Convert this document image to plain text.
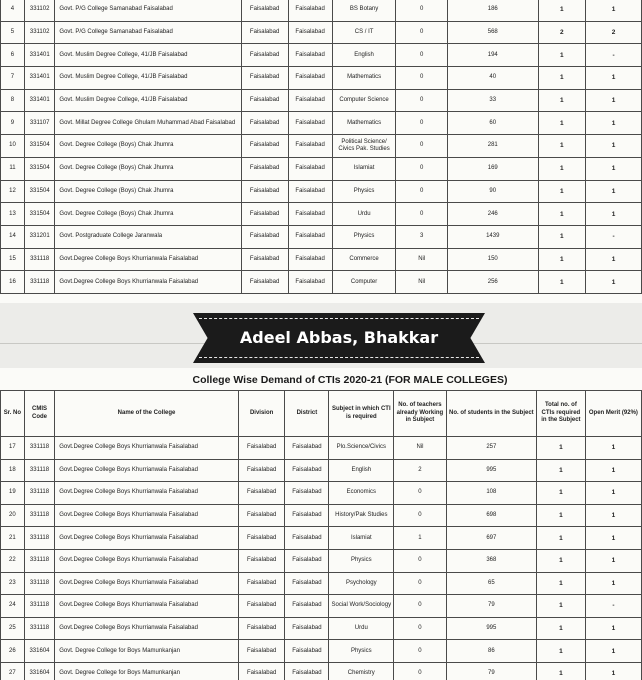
4	331102	Govt. P/G College Samanabad Faisalabad	Faisalabad	Faisalabad	BS Botany	0	186	1	1
5	331102	Govt. P/G College Samanabad Faisalabad	Faisalabad	Faisalabad	CS / IT	0	568	2	2
6	331401	Govt. Muslim Degree College, 41/JB Faisalabad	Faisalabad	Faisalabad	English	0	194	1	-
7	331401	Govt. Muslim Degree College, 41/JB Faisalabad	Faisalabad	Faisalabad	Mathematics	0	40	1	1
8	331401	Govt. Muslim Degree College, 41/JB Faisalabad	Faisalabad	Faisalabad	Computer Science	0	33	1	1
9	331107	Govt. Millat Degree College Ghulam Muhammad Abad Faisalabad	Faisalabad	Faisalabad	Mathematics	0	60	1	1
10	331504	Govt. Degree College (Boys) Chak Jhumra	Faisalabad	Faisalabad	Political Science/ Civics Pak. Studies	0	281	1	1
11	331504	Govt. Degree College (Boys) Chak Jhumra	Faisalabad	Faisalabad	Islamiat	0	169	1	1
12	331504	Govt. Degree College (Boys) Chak Jhumra	Faisalabad	Faisalabad	Physics	0	90	1	1
13	331504	Govt. Degree College (Boys) Chak Jhumra	Faisalabad	Faisalabad	Urdu	0	246	1	1
14	331201	Govt. Postgraduate College Jaranwala	Faisalabad	Faisalabad	Physics	3	1439	1	-
15	331118	Govt.Degree College Boys Khurrianwala Faisalabad	Faisalabad	Faisalabad	Commerce	Nil	150	1	1
16	331118	Govt.Degree College Boys Khurrianwala Faisalabad	Faisalabad	Faisalabad	Computer	Nil	256	1	1
Adeel Abbas, Bhakkar
College Wise Demand of CTIs 2020-21 (FOR MALE COLLEGES)
Sr. No	CMIS Code	Name of the College	Division	District	Subject in which CTI is required	No. of teachers already Working in Subject	No. of students in the Subject	Total no. of CTIs required in the Subject	Open Merit (92%)
17	331118	Govt.Degree College Boys Khurrianwala Faisalabad	Faisalabad	Faisalabad	Plo.Science/Civics	Nil	257	1	1
18	331118	Govt.Degree College Boys Khurrianwala Faisalabad	Faisalabad	Faisalabad	English	2	995	1	1
19	331118	Govt.Degree College Boys Khurrianwala Faisalabad	Faisalabad	Faisalabad	Economics	0	108	1	1
20	331118	Govt.Degree College Boys Khurrianwala Faisalabad	Faisalabad	Faisalabad	History/Pak Studies	0	698	1	1
21	331118	Govt.Degree College Boys Khurrianwala Faisalabad	Faisalabad	Faisalabad	Islamiat	1	697	1	1
22	331118	Govt.Degree College Boys Khurrianwala Faisalabad	Faisalabad	Faisalabad	Physics	0	368	1	1
23	331118	Govt.Degree College Boys Khurrianwala Faisalabad	Faisalabad	Faisalabad	Psychology	0	65	1	1
24	331118	Govt.Degree College Boys Khurrianwala Faisalabad	Faisalabad	Faisalabad	Social Work/Sociology	0	79	1	-
25	331118	Govt.Degree College Boys Khurrianwala Faisalabad	Faisalabad	Faisalabad	Urdu	0	995	1	1
26	331604	Govt. Degree College for Boys Mamunkanjan	Faisalabad	Faisalabad	Physics	0	86	1	1
27	331604	Govt. Degree College for Boys Mamunkanjan	Faisalabad	Faisalabad	Chemistry	0	79	1	1
